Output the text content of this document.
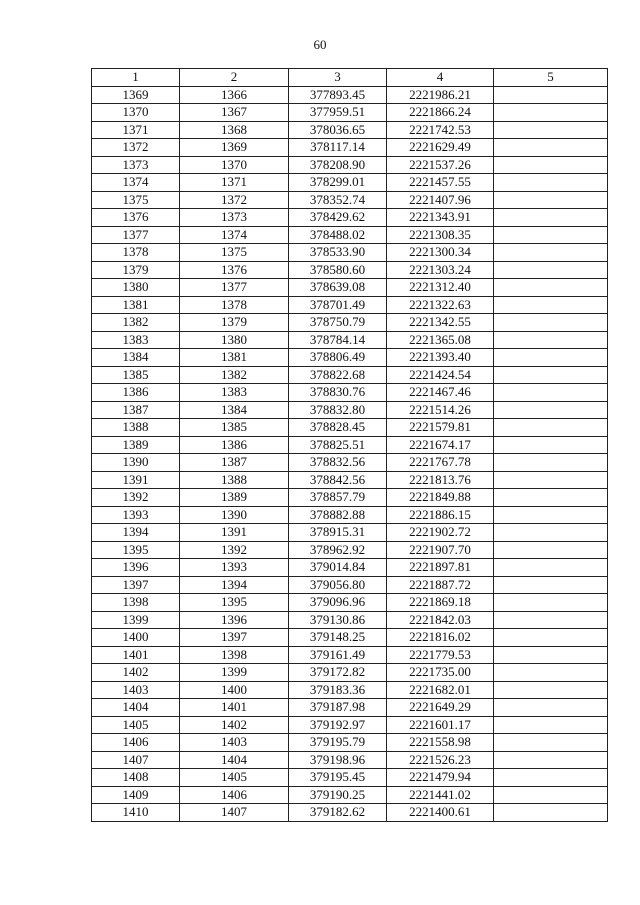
60
1	2	3	4	5
1369	1366	377893.45	2221986.21	
1370	1367	377959.51	2221866.24	
1371	1368	378036.65	2221742.53	
1372	1369	378117.14	2221629.49	
1373	1370	378208.90	2221537.26	
1374	1371	378299.01	2221457.55	
1375	1372	378352.74	2221407.96	
1376	1373	378429.62	2221343.91	
1377	1374	378488.02	2221308.35	
1378	1375	378533.90	2221300.34	
1379	1376	378580.60	2221303.24	
1380	1377	378639.08	2221312.40	
1381	1378	378701.49	2221322.63	
1382	1379	378750.79	2221342.55	
1383	1380	378784.14	2221365.08	
1384	1381	378806.49	2221393.40	
1385	1382	378822.68	2221424.54	
1386	1383	378830.76	2221467.46	
1387	1384	378832.80	2221514.26	
1388	1385	378828.45	2221579.81	
1389	1386	378825.51	2221674.17	
1390	1387	378832.56	2221767.78	
1391	1388	378842.56	2221813.76	
1392	1389	378857.79	2221849.88	
1393	1390	378882.88	2221886.15	
1394	1391	378915.31	2221902.72	
1395	1392	378962.92	2221907.70	
1396	1393	379014.84	2221897.81	
1397	1394	379056.80	2221887.72	
1398	1395	379096.96	2221869.18	
1399	1396	379130.86	2221842.03	
1400	1397	379148.25	2221816.02	
1401	1398	379161.49	2221779.53	
1402	1399	379172.82	2221735.00	
1403	1400	379183.36	2221682.01	
1404	1401	379187.98	2221649.29	
1405	1402	379192.97	2221601.17	
1406	1403	379195.79	2221558.98	
1407	1404	379198.96	2221526.23	
1408	1405	379195.45	2221479.94	
1409	1406	379190.25	2221441.02	
1410	1407	379182.62	2221400.61	
